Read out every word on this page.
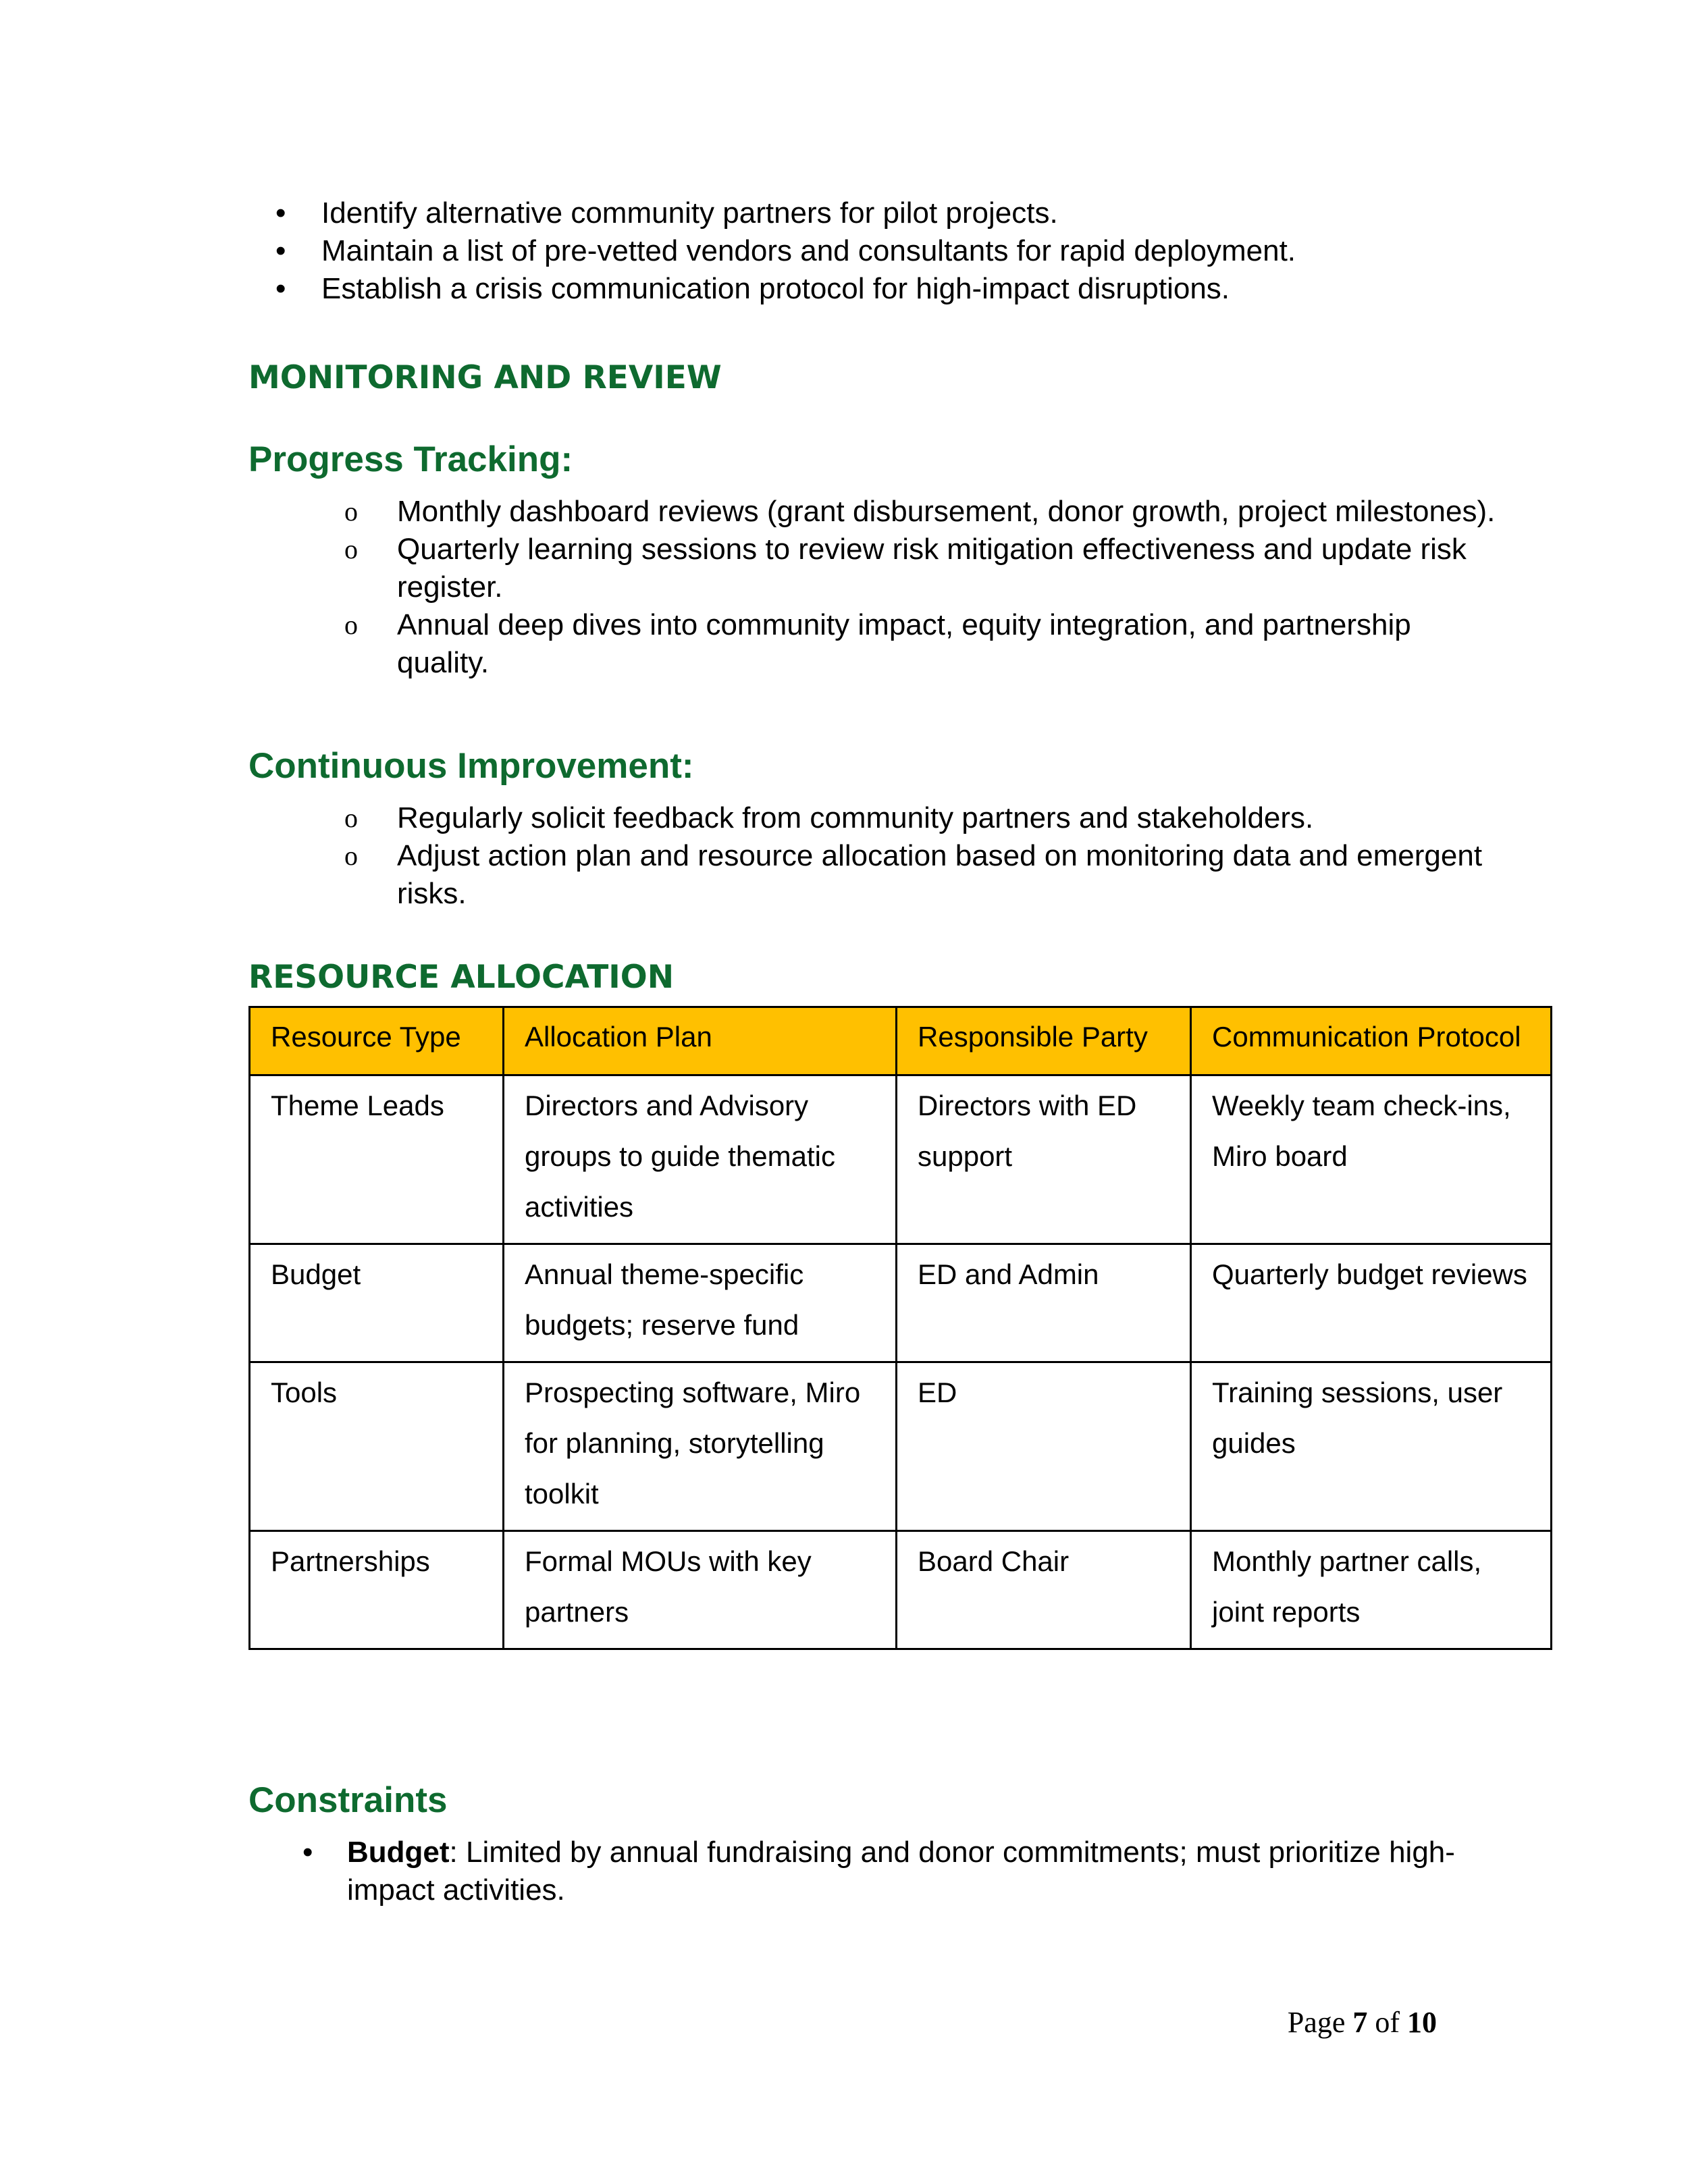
• Identify alternative community partners for pilot projects.
• Maintain a list of pre-vetted vendors and consultants for rapid deployment.
• Establish a crisis communication protocol for high-impact disruptions.
MONITORING AND REVIEW
Progress Tracking:
o Monthly dashboard reviews (grant disbursement, donor growth, project milestones).
o Quarterly learning sessions to review risk mitigation effectiveness and update risk register.
o Annual deep dives into community impact, equity integration, and partnership quality.
Continuous Improvement:
o Regularly solicit feedback from community partners and stakeholders.
o Adjust action plan and resource allocation based on monitoring data and emergent risks.
RESOURCE ALLOCATION
Resource Type	Allocation Plan	Responsible Party	Communication Protocol
Theme Leads	Directors and Advisory groups to guide thematic activities	Directors with ED support	Weekly team check-ins, Miro board
Budget	Annual theme-specific budgets; reserve fund	ED and Admin	Quarterly budget reviews
Tools	Prospecting software, Miro for planning, storytelling toolkit	ED	Training sessions, user guides
Partnerships	Formal MOUs with key partners	Board Chair	Monthly partner calls, joint reports
Constraints
• Budget: Limited by annual fundraising and donor commitments; must prioritize high-impact activities.
Page 7 of 10
